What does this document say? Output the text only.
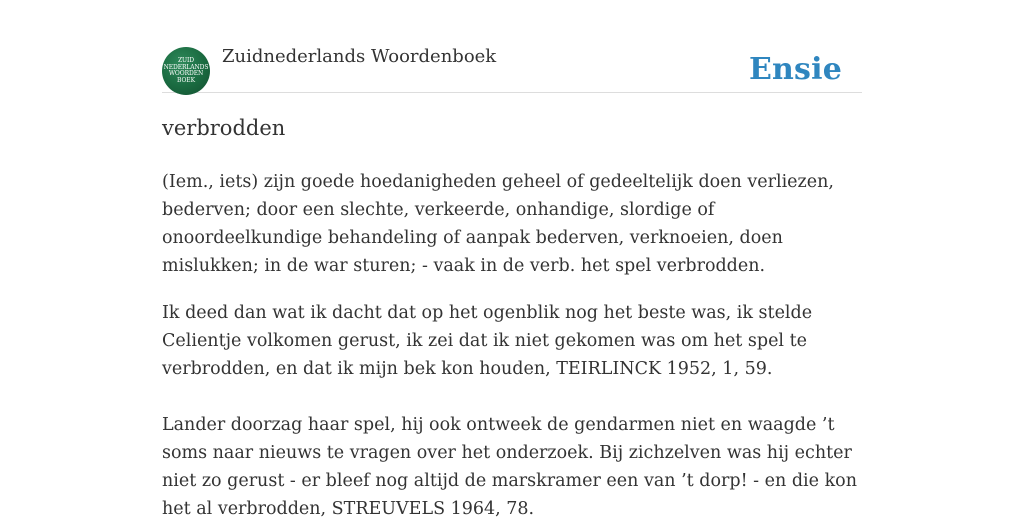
ZUID
NEDERLANDS
WOORDEN
BOEK
Zuidnederlands Woordenboek	Ensie
verbrodden

(Iem., iets) zijn goede hoedanigheden geheel of gedeeltelijk doen verliezen, bederven; door een slechte, verkeerde, onhandige, slordige of onoordeelkundige behandeling of aanpak bederven, verknoeien, doen mislukken; in de war sturen; - vaak in de verb. het spel verbrodden.

Ik deed dan wat ik dacht dat op het ogenblik nog het beste was, ik stelde Celientje volkomen gerust, ik zei dat ik niet gekomen was om het spel te verbrodden, en dat ik mijn bek kon houden, TEIRLINCK 1952, 1, 59.

Lander doorzag haar spel, hij ook ontweek de gendarmen niet en waagde ’t soms naar nieuws te vragen over het onderzoek. Bij zichzelven was hij echter niet zo gerust - er bleef nog altijd de marskramer een van ’t dorp! - en die kon het al verbrodden, STREUVELS 1964, 78.
